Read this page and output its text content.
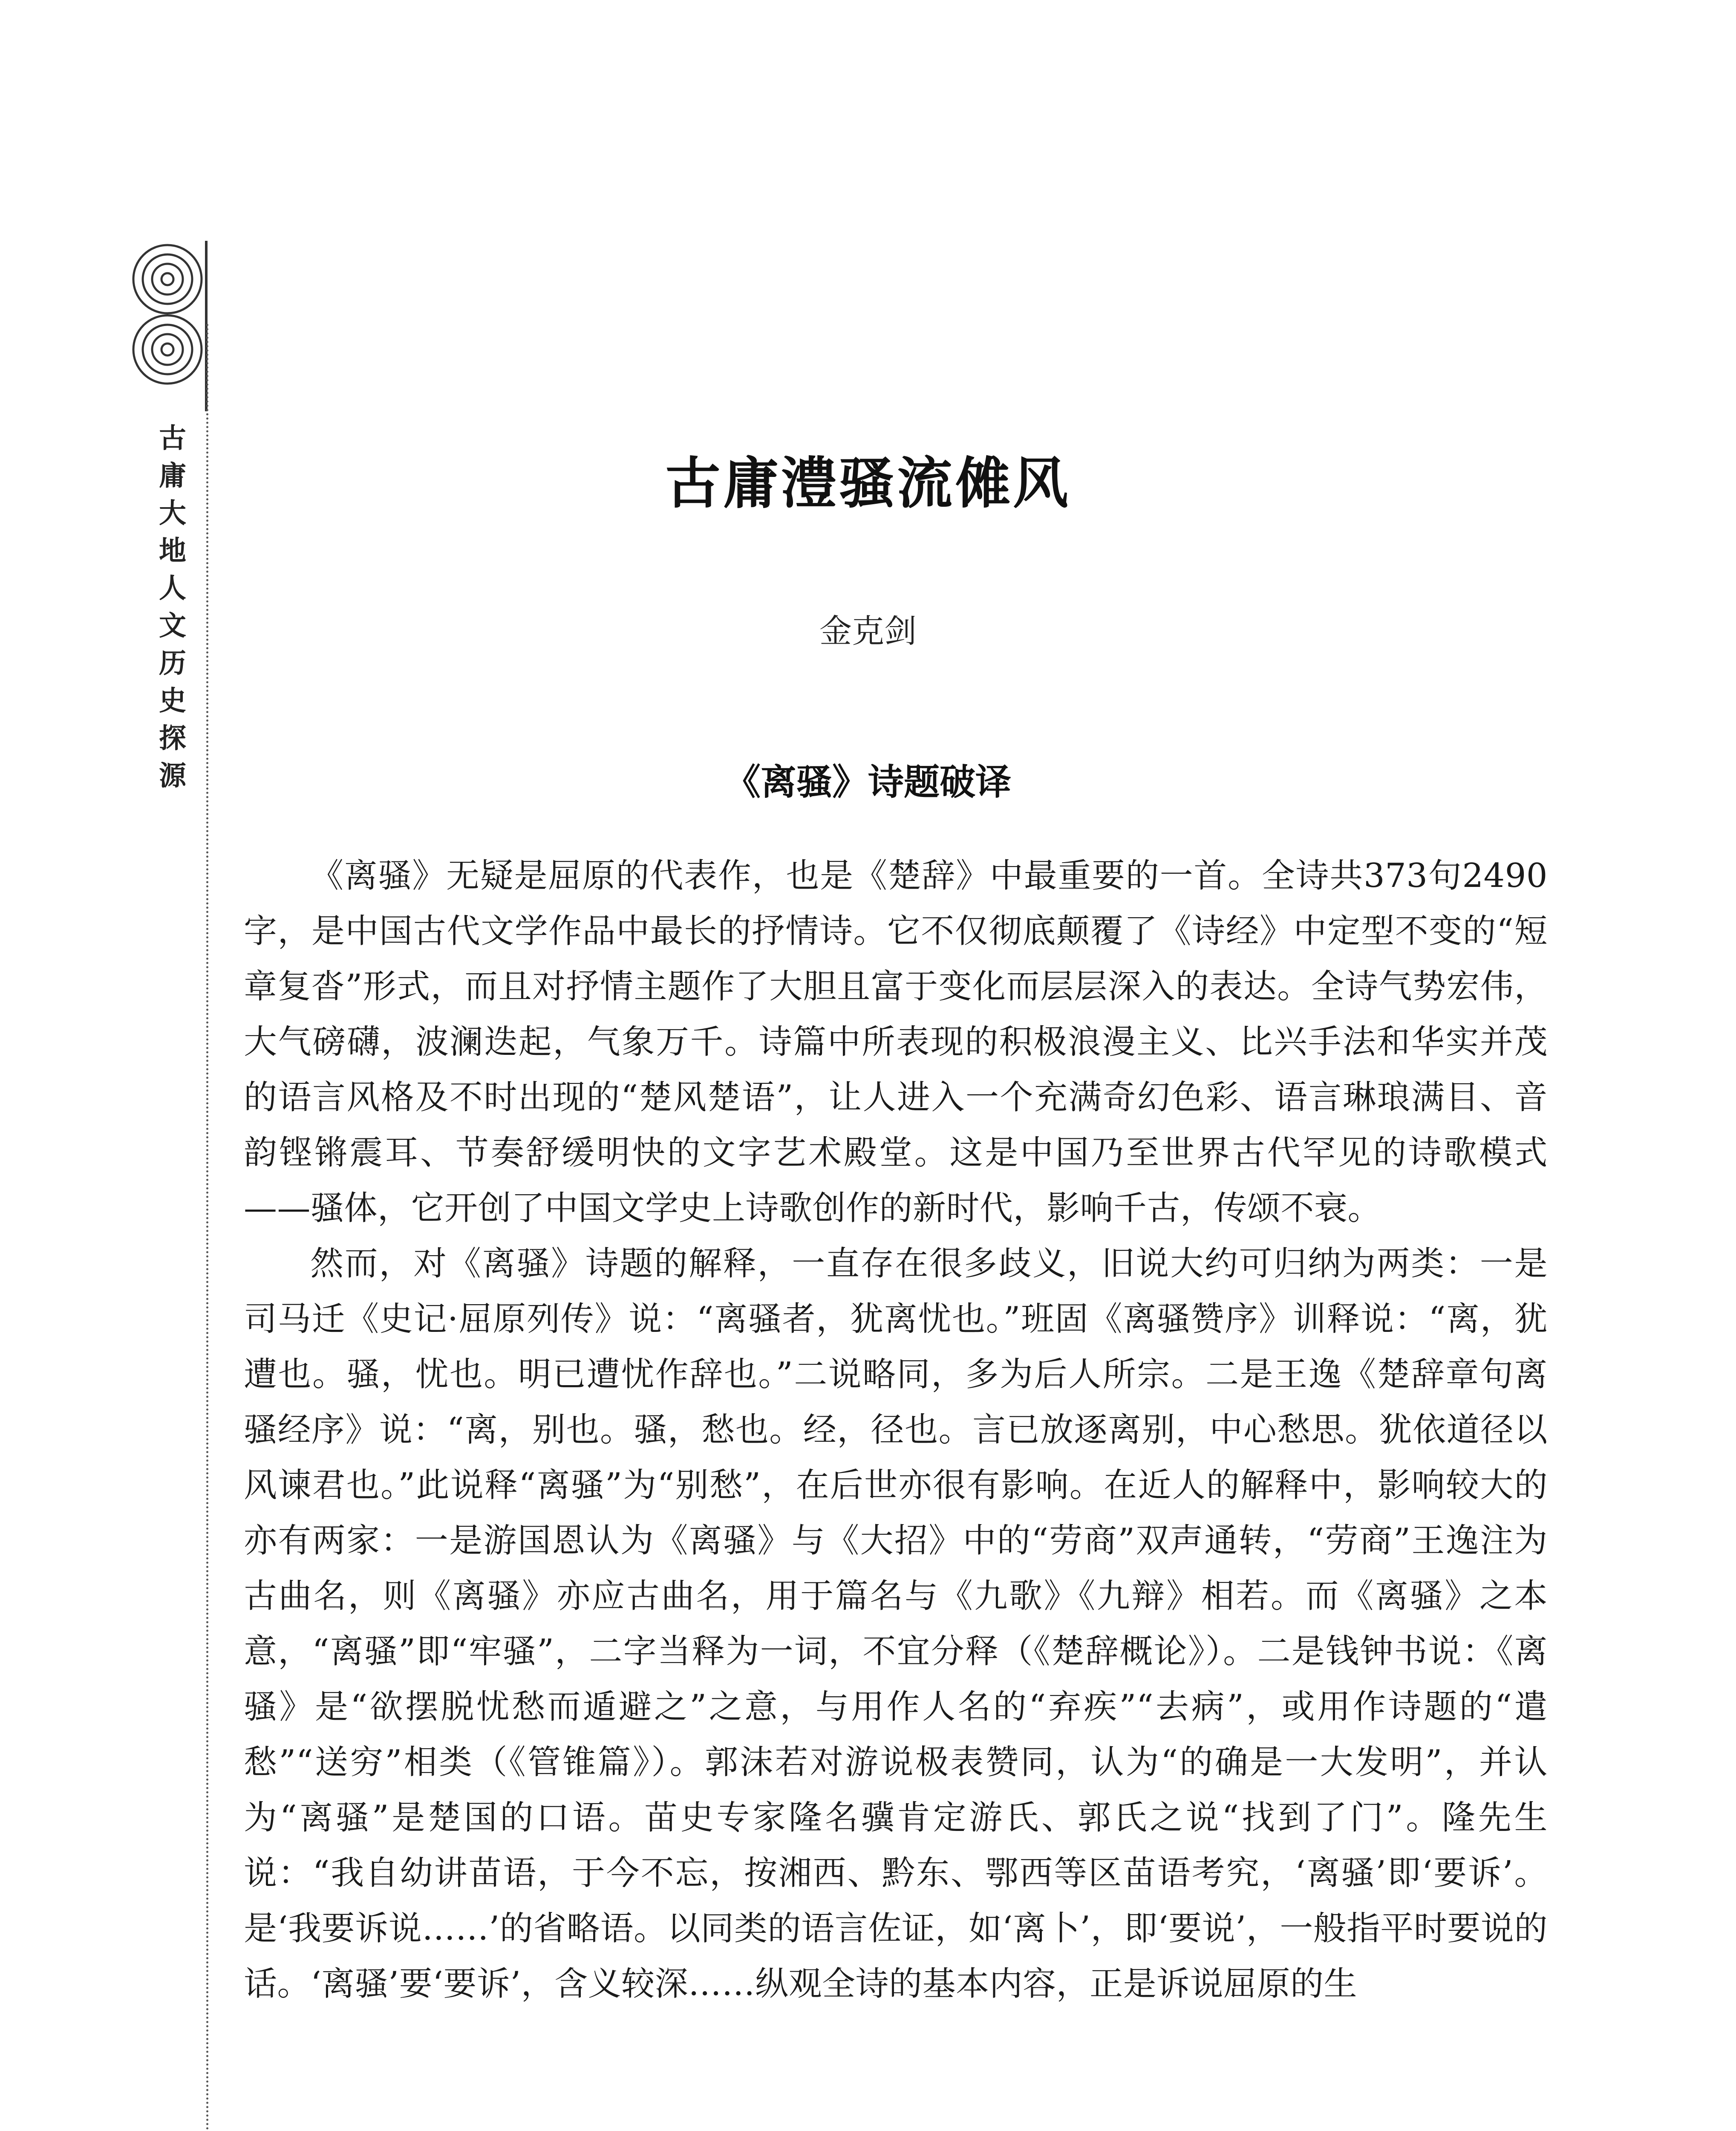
古庸大地人文历史探源
古庸澧骚流傩风
金克剑
《离骚》诗题破译

《离骚》无疑是屈原的代表作，也是《楚辞》中最重要的一首。全诗共373句2490字，是中国古代文学作品中最长的抒情诗。它不仅彻底颠覆了《诗经》中定型不变的“短章复沓”形式，而且对抒情主题作了大胆且富于变化而层层深入的表达。全诗气势宏伟，大气磅礴，波澜迭起，气象万千。诗篇中所表现的积极浪漫主义、比兴手法和华实并茂的语言风格及不时出现的“楚风楚语”，让人进入一个充满奇幻色彩、语言琳琅满目、音韵铿锵震耳、节奏舒缓明快的文字艺术殿堂。这是中国乃至世界古代罕见的诗歌模式——骚体，它开创了中国文学史上诗歌创作的新时代，影响千古，传颂不衰。

然而，对《离骚》诗题的解释，一直存在很多歧义，旧说大约可归纳为两类：一是司马迁《史记·屈原列传》说：“离骚者，犹离忧也。”班固《离骚赞序》训释说：“离，犹遭也。骚，忧也。明已遭忧作辞也。”二说略同，多为后人所宗。二是王逸《楚辞章句离骚经序》说：“离，别也。骚，愁也。经，径也。言已放逐离别，中心愁思。犹依道径以风谏君也。”此说释“离骚”为“别愁”，在后世亦很有影响。在近人的解释中，影响较大的亦有两家：一是游国恩认为《离骚》与《大招》中的“劳商”双声通转，“劳商”王逸注为古曲名，则《离骚》亦应古曲名，用于篇名与《九歌》《九辩》相若。而《离骚》之本意，“离骚”即“牢骚”，二字当释为一词，不宜分释（《楚辞概论》）。二是钱钟书说：《离骚》是“欲摆脱忧愁而遁避之”之意，与用作人名的“弃疾”“去病”，或用作诗题的“遣愁”“送穷”相类（《管锥篇》）。郭沫若对游说极表赞同，认为“的确是一大发明”，并认为“离骚”是楚国的口语。苗史专家隆名骥肯定游氏、郭氏之说“找到了门”。隆先生说：“我自幼讲苗语，于今不忘，按湘西、黔东、鄂西等区苗语考究，‘离骚’即‘要诉’。是‘我要诉说……’的省略语。以同类的语言佐证，如‘离卜’，即‘要说’，一般指平时要说的话。‘离骚’要‘要诉’，含义较深……纵观全诗的基本内容，正是诉说屈原的生
